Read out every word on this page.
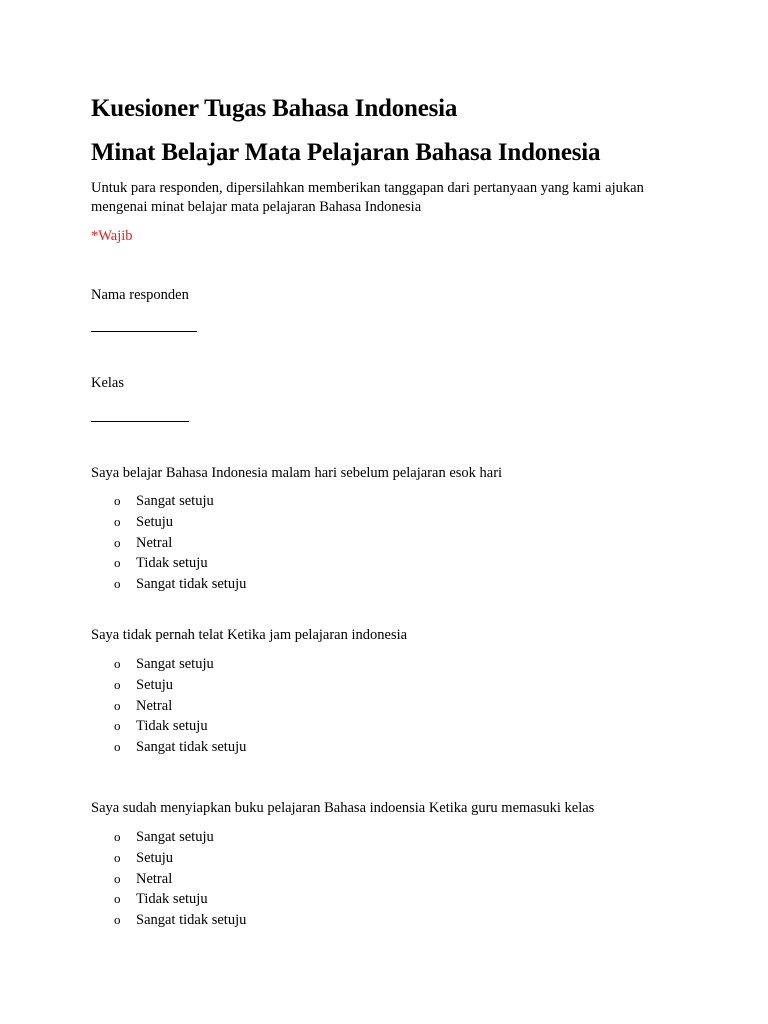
Kuesioner Tugas Bahasa Indonesia
Minat Belajar Mata Pelajaran Bahasa Indonesia
Untuk para responden, dipersilahkan memberikan tanggapan dari pertanyaan yang kami ajukan mengenai minat belajar mata pelajaran Bahasa Indonesia
*Wajib
Nama responden
Kelas
Saya belajar Bahasa Indonesia malam hari sebelum pelajaran esok hari
o Sangat setuju
o Setuju
o Netral
o Tidak setuju
o Sangat tidak setuju
Saya tidak pernah telat Ketika jam pelajaran indonesia
o Sangat setuju
o Setuju
o Netral
o Tidak setuju
o Sangat tidak setuju
Saya sudah menyiapkan buku pelajaran Bahasa indoensia Ketika guru memasuki kelas
o Sangat setuju
o Setuju
o Netral
o Tidak setuju
o Sangat tidak setuju
